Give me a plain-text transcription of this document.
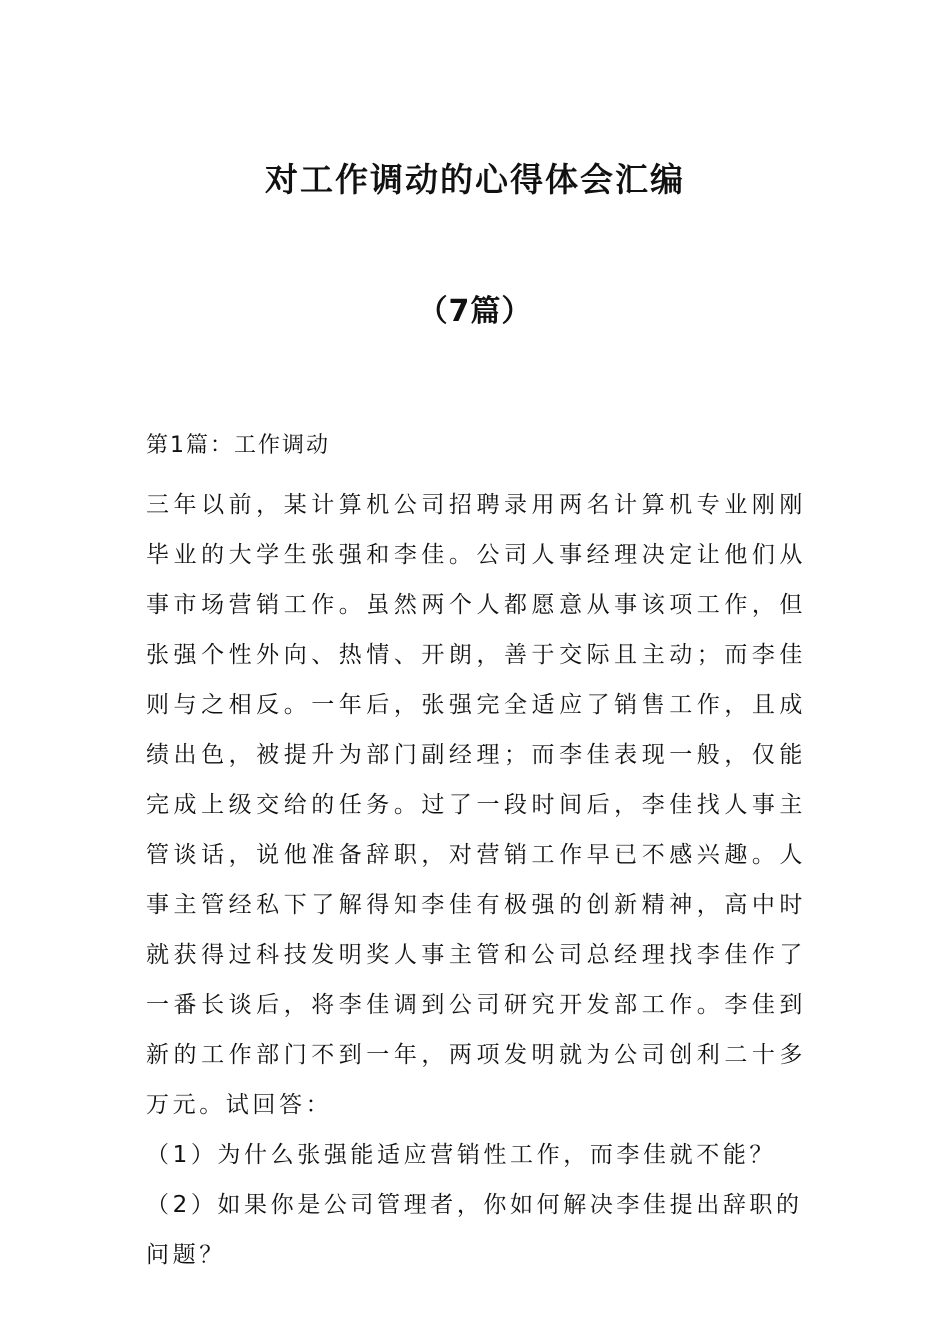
对工作调动的心得体会汇编
（7篇）
第1篇：工作调动
三年以前，某计算机公司招聘录用两名计算机专业刚刚毕业的大学生张强和李佳。公司人事经理决定让他们从事市场营销工作。虽然两个人都愿意从事该项工作，但张强个性外向、热情、开朗，善于交际且主动；而李佳则与之相反。一年后，张强完全适应了销售工作，且成绩出色，被提升为部门副经理；而李佳表现一般，仅能完成上级交给的任务。过了一段时间后，李佳找人事主管谈话，说他准备辞职，对营销工作早已不感兴趣。人事主管经私下了解得知李佳有极强的创新精神，高中时就获得过科技发明奖人事主管和公司总经理找李佳作了一番长谈后，将李佳调到公司研究开发部工作。李佳到新的工作部门不到一年，两项发明就为公司创利二十多万元。试回答：
（1）为什么张强能适应营销性工作，而李佳就不能？
（2）如果你是公司管理者，你如何解决李佳提出辞职的问题？
